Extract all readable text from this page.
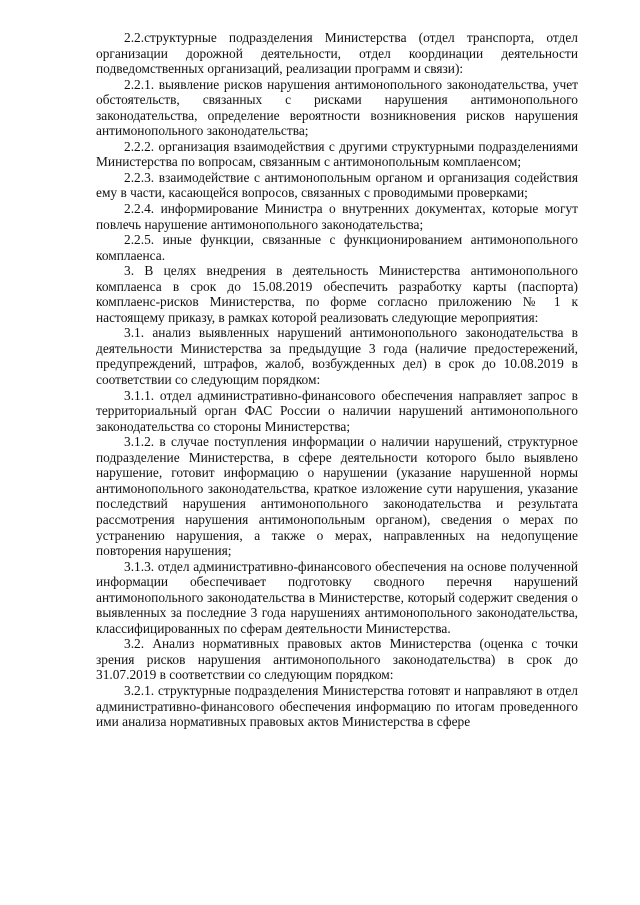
2.2.структурные подразделения Министерства (отдел транспорта, отдел организации дорожной деятельности, отдел координации деятельности подведомственных организаций, реализации программ и связи):

2.2.1. выявление рисков нарушения антимонопольного законодательства, учет обстоятельств, связанных с рисками нарушения антимонопольного законодательства, определение вероятности возникновения рисков нарушения антимонопольного законодательства;

2.2.2. организация взаимодействия с другими структурными подразделениями Министерства по вопросам, связанным с антимонопольным комплаенсом;

2.2.3. взаимодействие с антимонопольным органом и организация содействия ему в части, касающейся вопросов, связанных с проводимыми проверками;

2.2.4. информирование Министра о внутренних документах, которые могут повлечь нарушение антимонопольного законодательства;

2.2.5. иные функции, связанные с функционированием антимонопольного комплаенса.

3. В целях внедрения в деятельность Министерства антимонопольного комплаенса в срок до 15.08.2019 обеспечить разработку карты (паспорта) комплаенс-рисков Министерства, по форме согласно приложению № 1 к настоящему приказу, в рамках которой реализовать следующие мероприятия:

3.1. анализ выявленных нарушений антимонопольного законодательства в деятельности Министерства за предыдущие 3 года (наличие предостережений, предупреждений, штрафов, жалоб, возбужденных дел) в срок до 10.08.2019 в соответствии со следующим порядком:

3.1.1. отдел административно-финансового обеспечения направляет запрос в территориальный орган ФАС России о наличии нарушений антимонопольного законодательства со стороны Министерства;

3.1.2. в случае поступления информации о наличии нарушений, структурное подразделение Министерства, в сфере деятельности которого было выявлено нарушение, готовит информацию о нарушении (указание нарушенной нормы антимонопольного законодательства, краткое изложение сути нарушения, указание последствий нарушения антимонопольного законодательства и результата рассмотрения нарушения антимонопольным органом), сведения о мерах по устранению нарушения, а также о мерах, направленных на недопущение повторения нарушения;

3.1.3. отдел административно-финансового обеспечения на основе полученной информации обеспечивает подготовку сводного перечня нарушений антимонопольного законодательства в Министерстве, который содержит сведения о выявленных за последние 3 года нарушениях антимонопольного законодательства, классифицированных по сферам деятельности Министерства.

3.2. Анализ нормативных правовых актов Министерства (оценка с точки зрения рисков нарушения антимонопольного законодательства) в срок до 31.07.2019 в соответствии со следующим порядком:

3.2.1. структурные подразделения Министерства готовят и направляют в отдел административно-финансового обеспечения информацию по итогам проведенного ими анализа нормативных правовых актов Министерства в сфере
